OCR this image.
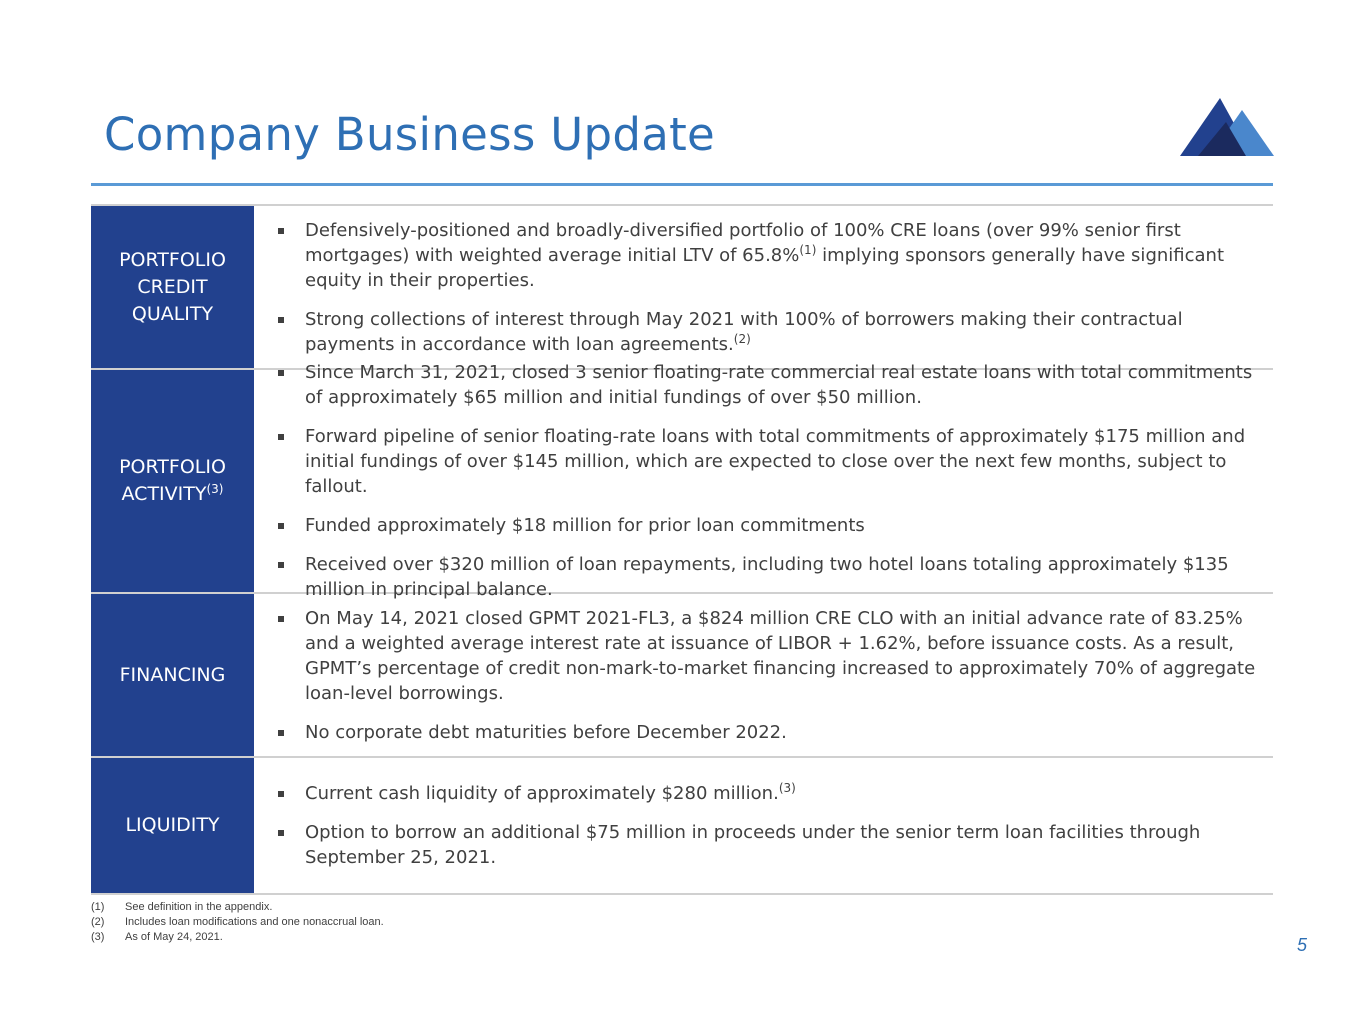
Company Business Update
PORTFOLIO
CREDIT
QUALITY
Defensively-positioned and broadly-diversified portfolio of 100% CRE loans (over 99% senior first mortgages) with weighted average initial LTV of 65.8%$^{(1)}$ implying sponsors generally have significant equity in their properties.
Strong collections of interest through May 2021 with 100% of borrowers making their contractual payments in accordance with loan agreements.$^{(2)}$
PORTFOLIO
ACTIVITY$^{(3)}$
Since March 31, 2021, closed 3 senior floating-rate commercial real estate loans with total commitments of approximately $65 million and initial fundings of over $50 million.
Forward pipeline of senior floating-rate loans with total commitments of approximately $175 million and initial fundings of over $145 million, which are expected to close over the next few months, subject to fallout.
Funded approximately $18 million for prior loan commitments
Received over $320 million of loan repayments, including two hotel loans totaling approximately $135 million in principal balance.
FINANCING
On May 14, 2021 closed GPMT 2021-FL3, a $824 million CRE CLO with an initial advance rate of 83.25% and a weighted average interest rate at issuance of LIBOR + 1.62%, before issuance costs. As a result, GPMT’s percentage of credit non-mark-to-market financing increased to approximately 70% of aggregate loan-level borrowings.
No corporate debt maturities before December 2022.
LIQUIDITY
Current cash liquidity of approximately $280 million.$^{(3)}$
Option to borrow an additional $75 million in proceeds under the senior term loan facilities through September 25, 2021.
(1)	See definition in the appendix.
(2)	Includes loan modifications and one nonaccrual loan.
(3)	As of May 24, 2021.	5
